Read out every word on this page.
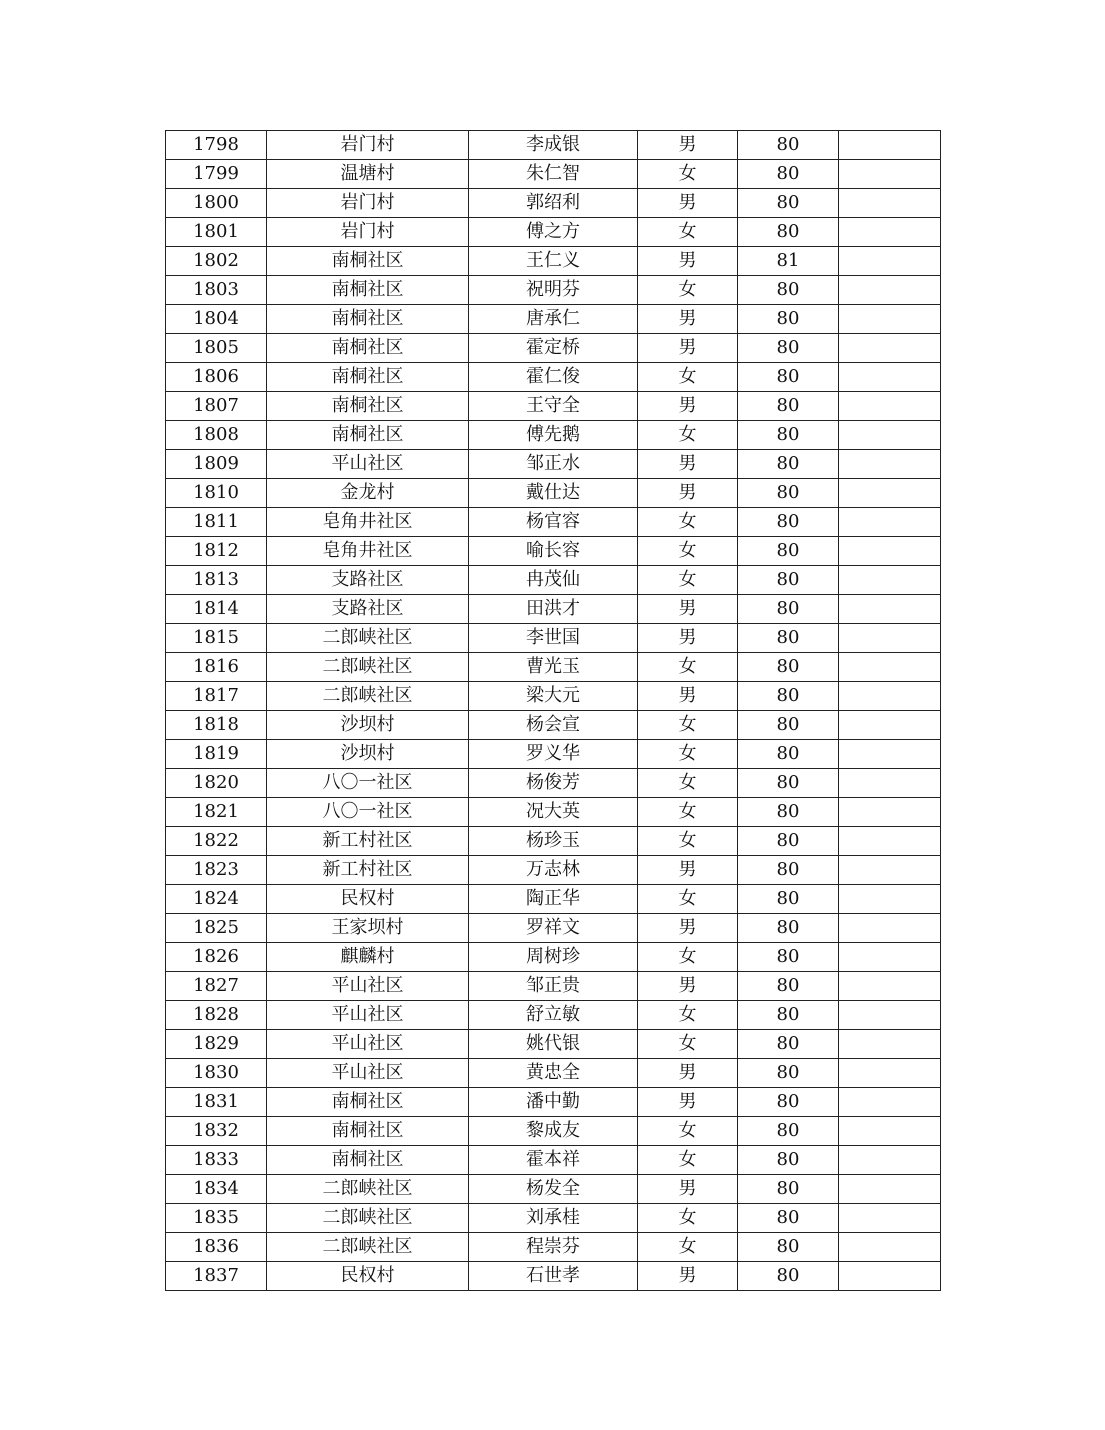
1798	岩门村	李成银	男	80	
1799	温塘村	朱仁智	女	80	
1800	岩门村	郭绍利	男	80	
1801	岩门村	傅之方	女	80	
1802	南桐社区	王仁义	男	81	
1803	南桐社区	祝明芬	女	80	
1804	南桐社区	唐承仁	男	80	
1805	南桐社区	霍定桥	男	80	
1806	南桐社区	霍仁俊	女	80	
1807	南桐社区	王守全	男	80	
1808	南桐社区	傅先鹅	女	80	
1809	平山社区	邹正水	男	80	
1810	金龙村	戴仕达	男	80	
1811	皂角井社区	杨官容	女	80	
1812	皂角井社区	喻长容	女	80	
1813	支路社区	冉茂仙	女	80	
1814	支路社区	田洪才	男	80	
1815	二郎峡社区	李世国	男	80	
1816	二郎峡社区	曹光玉	女	80	
1817	二郎峡社区	梁大元	男	80	
1818	沙坝村	杨会宣	女	80	
1819	沙坝村	罗义华	女	80	
1820	八〇一社区	杨俊芳	女	80	
1821	八〇一社区	况大英	女	80	
1822	新工村社区	杨珍玉	女	80	
1823	新工村社区	万志林	男	80	
1824	民权村	陶正华	女	80	
1825	王家坝村	罗祥文	男	80	
1826	麒麟村	周树珍	女	80	
1827	平山社区	邹正贵	男	80	
1828	平山社区	舒立敏	女	80	
1829	平山社区	姚代银	女	80	
1830	平山社区	黄忠全	男	80	
1831	南桐社区	潘中勤	男	80	
1832	南桐社区	黎成友	女	80	
1833	南桐社区	霍本祥	女	80	
1834	二郎峡社区	杨发全	男	80	
1835	二郎峡社区	刘承桂	女	80	
1836	二郎峡社区	程崇芬	女	80	
1837	民权村	石世孝	男	80	
